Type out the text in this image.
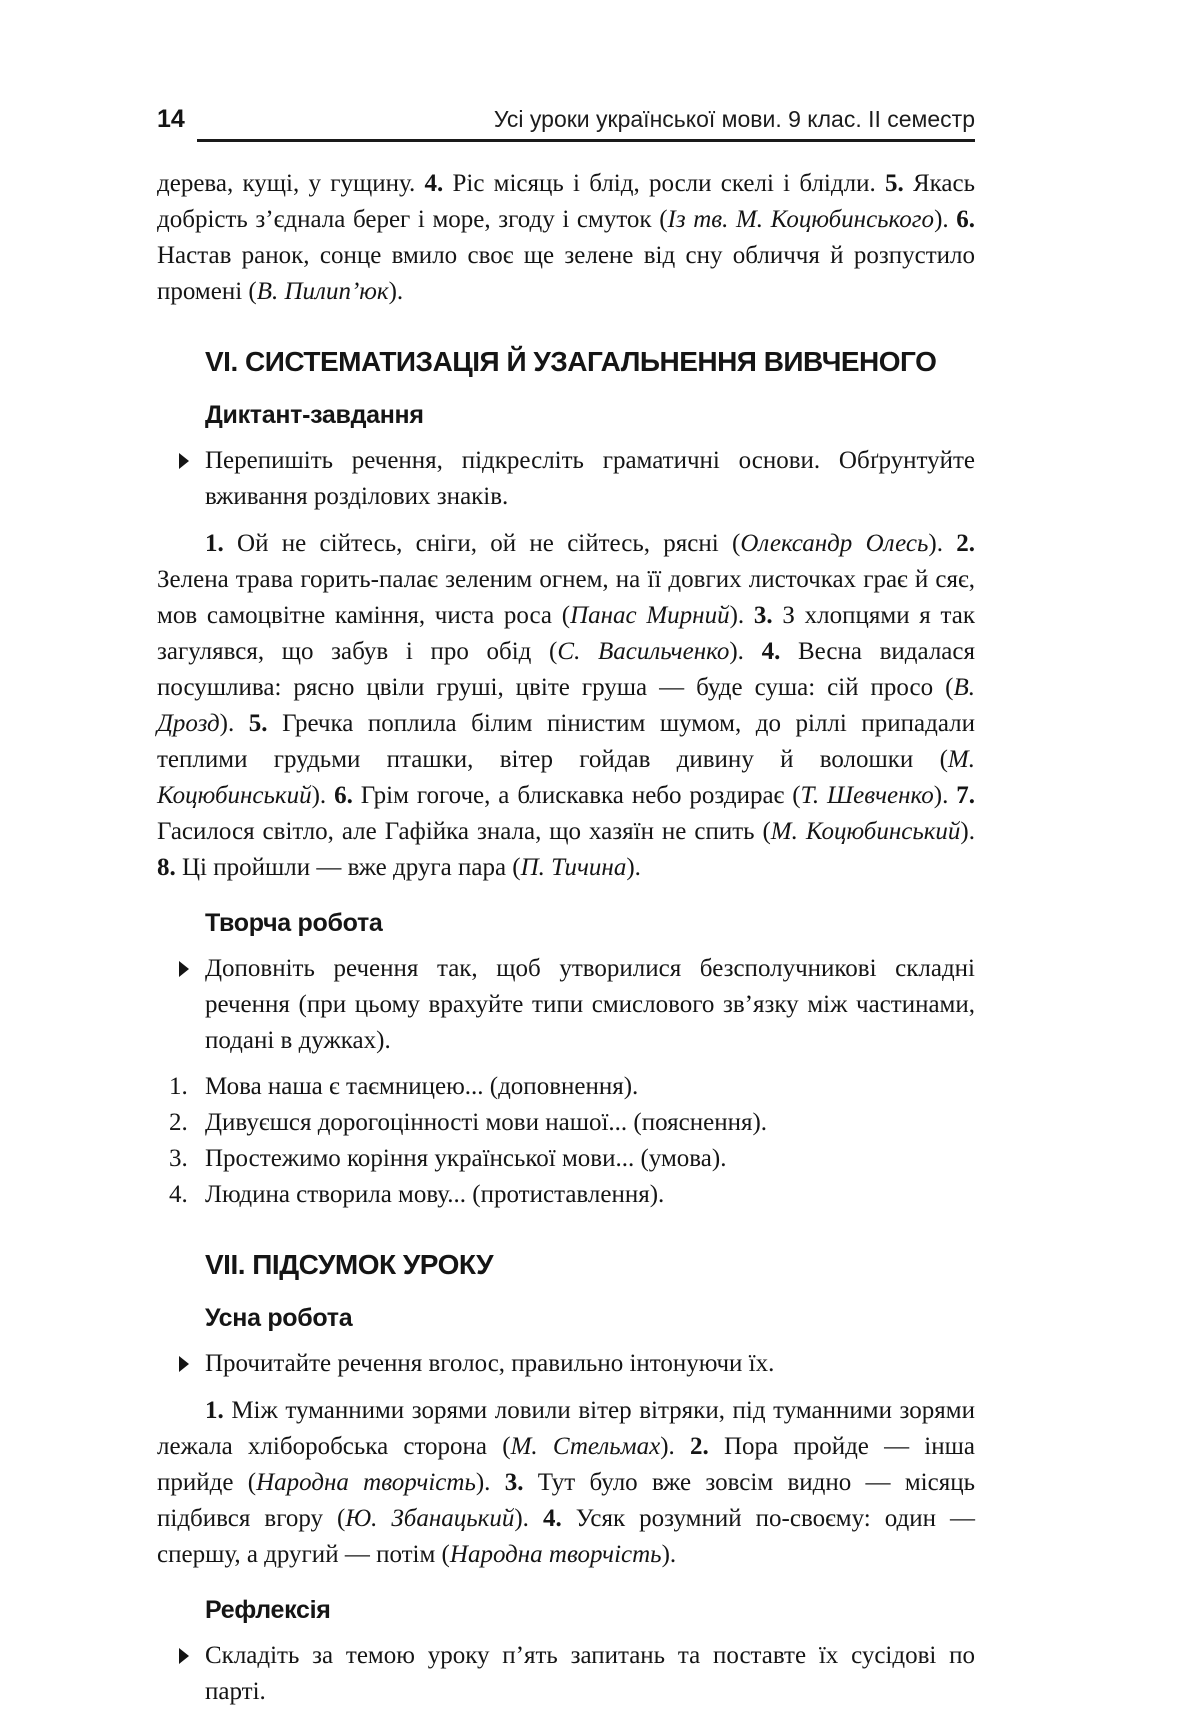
14	Усі уроки української мови. 9 клас. ІІ семестр

дерева, кущі, у гущину. 4. Ріс місяць і блід, росли скелі і блідли. 5. Якась добрість з’єднала берег і море, згоду і смуток (Із тв. М. Коцюбинського). 6. Настав ранок, сонце вмило своє ще зелене від сну обличчя й розпустило промені (В. Пилип’юк).

VI. СИСТЕМАТИЗАЦІЯ Й УЗАГАЛЬНЕННЯ ВИВЧЕНОГО
Диктант-завдання
Перепишіть речення, підкресліть граматичні основи. Обґрунтуйте вживання розділових знаків.

1. Ой не сійтесь, сніги, ой не сійтесь, рясні (Олександр Олесь). 2. Зелена трава горить-палає зеленим огнем, на її довгих листочках грає й сяє, мов самоцвітне каміння, чиста роса (Панас Мирний). 3. З хлопцями я так загулявся, що забув і про обід (С. Васильченко). 4. Весна видалася посушлива: рясно цвіли груші, цвіте груша — буде суша: сій просо (В. Дрозд). 5. Гречка поплила білим пінистим шумом, до ріллі припадали теплими грудьми пташки, вітер гойдав дивину й волошки (М. Коцюбинський). 6. Грім гогоче, а блискавка небо роздирає (Т. Шевченко). 7. Гасилося світло, але Гафійка знала, що хазяїн не спить (М. Коцюбинський). 8. Ці пройшли — вже друга пара (П. Тичина).

Творча робота
Доповніть речення так, щоб утворилися безсполучникові складні речення (при цьому врахуйте типи смислового зв’язку між частинами, подані в дужках).
1. Мова наша є таємницею... (доповнення).
2. Дивуєшся дорогоцінності мови нашої... (пояснення).
3. Простежимо коріння української мови... (умова).
4. Людина створила мову... (протиставлення).
VII. ПІДСУМОК УРОКУ
Усна робота
Прочитайте речення вголос, правильно інтонуючи їх.

1. Між туманними зорями ловили вітер вітряки, під туманними зорями лежала хліборобська сторона (М. Стельмах). 2. Пора пройде — інша прийде (Народна творчість). 3. Тут було вже зовсім видно — місяць підбився вгору (Ю. Збанацький). 4. Усяк розумний по-своєму: один — спершу, а другий — потім (Народна творчість).

Рефлексія
Складіть за темою уроку п’ять запитань та поставте їх сусідові по парті.
